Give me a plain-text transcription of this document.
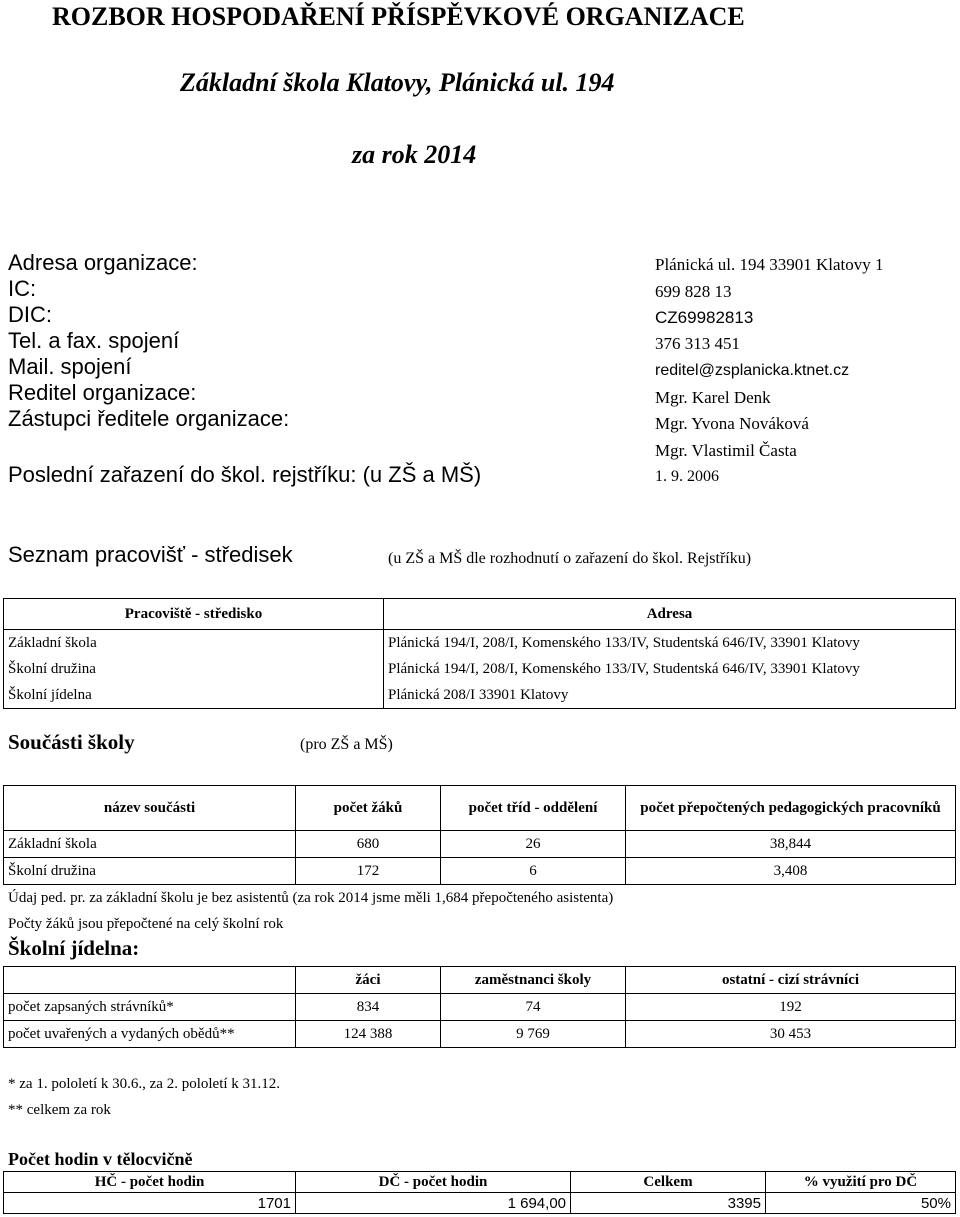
ROZBOR HOSPODAŘENÍ PŘÍSPĚVKOVÉ ORGANIZACE
Základní škola Klatovy, Plánická ul. 194
za rok 2014
Adresa organizace:	Plánická ul. 194 33901 Klatovy 1
IC:	699 828 13
DIC:	CZ69982813
Tel. a fax. spojení	376 313 451
Mail. spojení	reditel@zsplanicka.ktnet.cz
Reditel organizace:	Mgr. Karel Denk
Zástupci ředitele organizace:	Mgr. Yvona Nováková
Mgr. Vlastimil Časta
Poslední zařazení do škol. rejstříku: (u ZŠ a MŠ)	1. 9. 2006
Seznam pracovišť - středisek	(u ZŠ a MŠ dle rozhodnutí o zařazení do škol. Rejstříku)
Pracoviště - středisko	Adresa
Základní škola	Plánická 194/I, 208/I, Komenského 133/IV, Studentská 646/IV, 33901 Klatovy
Školní družina	Plánická 194/I, 208/I, Komenského 133/IV, Studentská 646/IV, 33901 Klatovy
Školní jídelna	Plánická 208/I 33901 Klatovy
Součásti školy	(pro ZŠ a MŠ)
název součásti	počet žáků	počet tříd - oddělení	počet přepočtených pedagogických pracovníků
Základní škola	680	26	38,844
Školní družina	172	6	3,408
Údaj ped. pr. za základní školu je bez asistentů (za rok 2014 jsme měli 1,684 přepočteného asistenta)
Počty žáků jsou přepočtené na celý školní rok
Školní jídelna:
	žáci	zaměstnanci školy	ostatní - cizí strávníci
počet zapsaných strávníků*	834	74	192
počet uvařených a vydaných obědů**	124 388	9 769	30 453
* za 1. pololetí k 30.6., za 2. pololetí k 31.12.
** celkem za rok
Počet hodin v tělocvičně
HČ - počet hodin	DČ - počet hodin	Celkem	% využití pro DČ
1701	1 694,00	3395	50%
